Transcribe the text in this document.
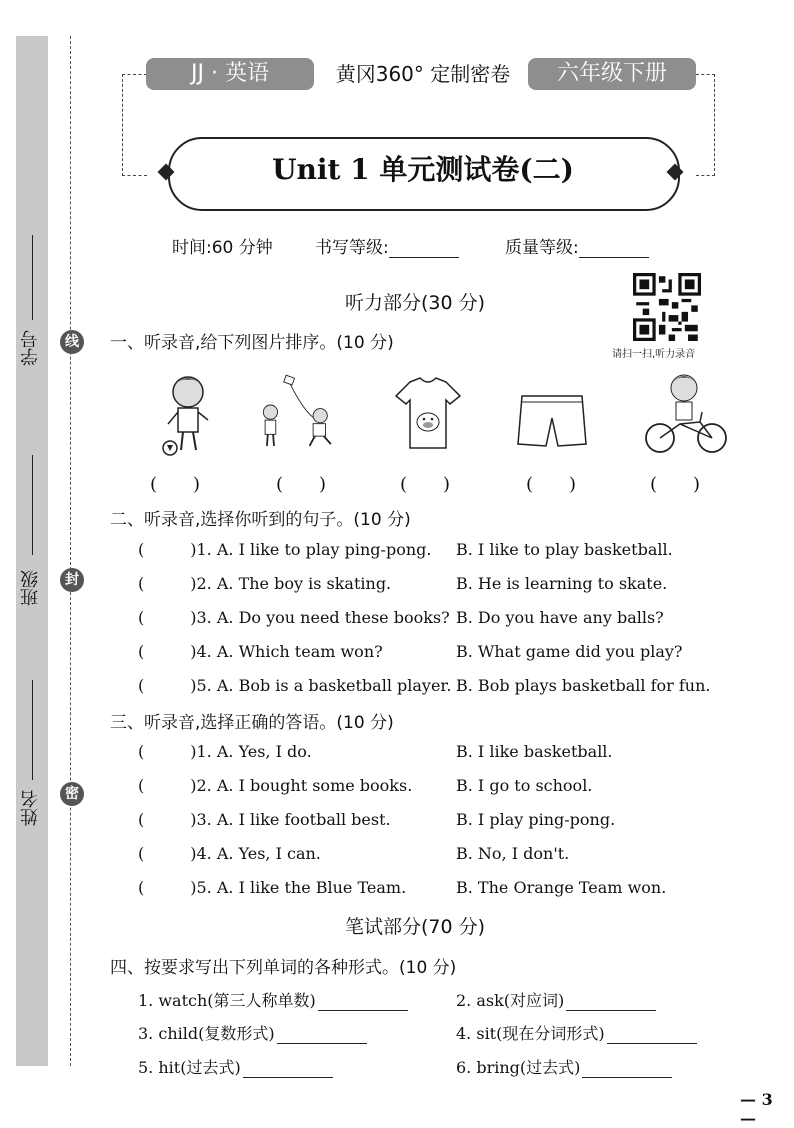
学号
班级
姓名
线
封
密
JJ · 英语	黄冈360° 定制密卷	六年级下册
Unit 1 单元测试卷(二)
时间:60 分钟 书写等级:	质量等级:
听力部分(30 分)
请扫一扫,听力录音
一、听录音,给下列图片排序。(10 分)
(　　)	(　　)	(　　)	(　　)	(　　)
二、听录音,选择你听到的句子。(10 分)
(	)1. A. I like to play ping-pong. B. I like to play basketball.
(	)2. A. The boy is skating.	B. He is learning to skate.
(	)3. A. Do you need these books? B. Do you have any balls?
(	)4. A. Which team won?	B. What game did you play?
(	)5. A. Bob is a basketball player. B. Bob plays basketball for fun.
三、听录音,选择正确的答语。(10 分)
(	)1. A. Yes, I do.	B. I like basketball.
(	)2. A. I bought some books.	B. I go to school.
(	)3. A. I like football best.	B. I play ping-pong.
(	)4. A. Yes, I can.	B. No, I don't.
(	)5. A. I like the Blue Team.	B. The Orange Team won.
笔试部分(70 分)
四、按要求写出下列单词的各种形式。(10 分)
1. watch(第三人称单数)	2. ask(对应词)
3. child(复数形式)	4. sit(现在分词形式)
5. hit(过去式)	6. bring(过去式)
— 3 —
